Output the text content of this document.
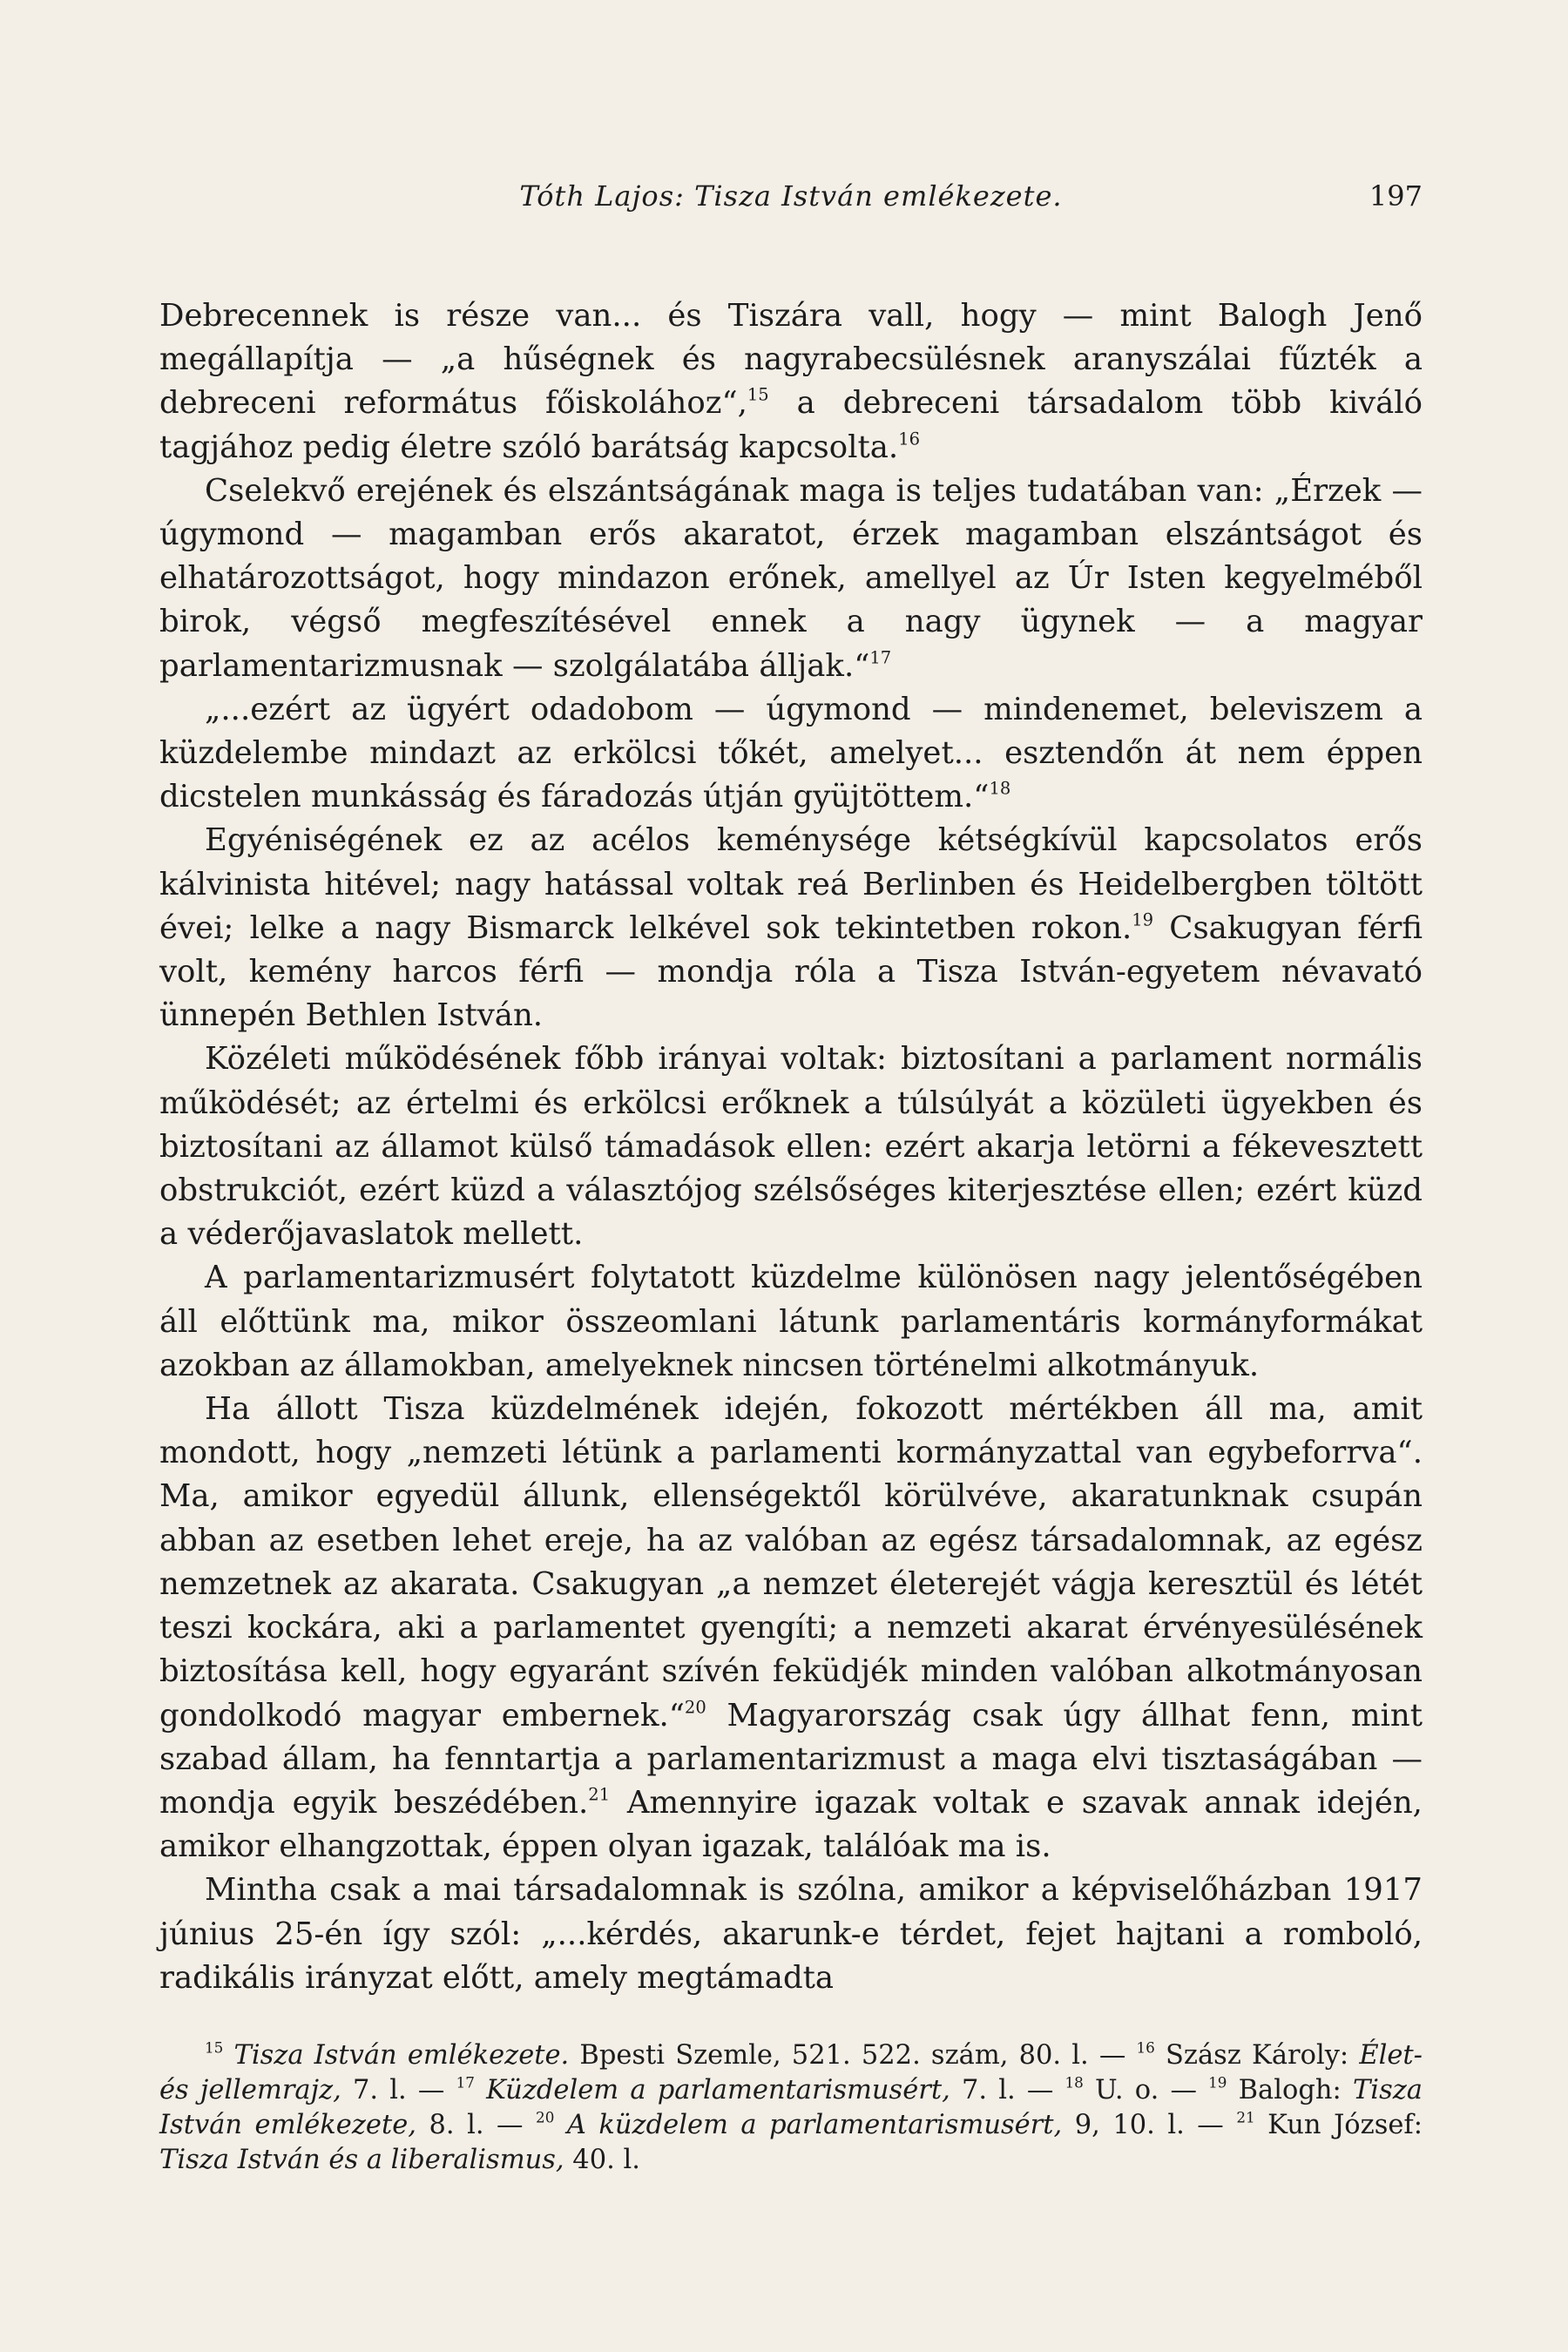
Tóth Lajos: Tisza István emlékezete.	197

Debrecennek is része van... és Tiszára vall, hogy — mint Balogh Jenő megállapítja — „a hűségnek és nagyrabecsülésnek aranyszálai fűzték a debreceni református főiskolához“,$^{15}$ a debreceni társadalom több kiváló tagjához pedig életre szóló barátság kapcsolta.$^{16}$

Cselekvő erejének és elszántságának maga is teljes tudatában van: „Érzek — úgymond — magamban erős akaratot, érzek magamban elszántságot és elhatározottságot, hogy mindazon erőnek, amellyel az Úr Isten kegyelméből birok, végső megfeszítésével ennek a nagy ügynek — a magyar parlamentarizmusnak — szolgálatába álljak.“$^{17}$

„...ezért az ügyért odadobom — úgymond — mindenemet, beleviszem a küzdelembe mindazt az erkölcsi tőkét, amelyet... esztendőn át nem éppen dicstelen munkásság és fáradozás útján gyüjtöttem.“$^{18}$

Egyéniségének ez az acélos keménysége kétségkívül kapcsolatos erős kálvinista hitével; nagy hatással voltak reá Berlinben és Heidelbergben töltött évei; lelke a nagy Bismarck lelkével sok tekintetben rokon.$^{19}$ Csakugyan férfi volt, kemény harcos férfi — mondja róla a Tisza István-egyetem névavató ünnepén Bethlen István.

Közéleti működésének főbb irányai voltak: biztosítani a parlament normális működését; az értelmi és erkölcsi erőknek a túlsúlyát a közületi ügyekben és biztosítani az államot külső támadások ellen: ezért akarja letörni a fékevesztett obstrukciót, ezért küzd a választójog szélsőséges kiterjesztése ellen; ezért küzd a véderőjavaslatok mellett.

A parlamentarizmusért folytatott küzdelme különösen nagy jelentőségében áll előttünk ma, mikor összeomlani látunk parlamentáris kormányformákat azokban az államokban, amelyeknek nincsen történelmi alkotmányuk.

Ha állott Tisza küzdelmének idején, fokozott mértékben áll ma, amit mondott, hogy „nemzeti létünk a parlamenti kormányzattal van egybeforrva“. Ma, amikor egyedül állunk, ellenségektől körülvéve, akaratunknak csupán abban az esetben lehet ereje, ha az valóban az egész társadalomnak, az egész nemzetnek az akarata. Csakugyan „a nemzet életerejét vágja keresztül és létét teszi kockára, aki a parlamentet gyengíti; a nemzeti akarat érvényesülésének biztosítása kell, hogy egyaránt szívén feküdjék minden valóban alkotmányosan gondolkodó magyar embernek.“$^{20}$ Magyarország csak úgy állhat fenn, mint szabad állam, ha fenntartja a parlamentarizmust a maga elvi tisztaságában — mondja egyik beszédében.$^{21}$ Amennyire igazak voltak e szavak annak idején, amikor elhangzottak, éppen olyan igazak, találóak ma is.

Mintha csak a mai társadalomnak is szólna, amikor a képviselőházban 1917 június 25-én így szól: „...kérdés, akarunk-e térdet, fejet hajtani a romboló, radikális irányzat előtt, amely megtámadta

$^{15}$ Tisza István emlékezete. Bpesti Szemle, 521. 522. szám, 80. l. — $^{16}$ Szász Károly: Élet- és jellemrajz, 7. l. — $^{17}$ Küzdelem a parlamentarismusért, 7. l. — $^{18}$ U. o. — $^{19}$ Balogh: Tisza István emlékezete, 8. l. — $^{20}$ A küzdelem a parlamentarismusért, 9, 10. l. — $^{21}$ Kun József: Tisza István és a liberalismus, 40. l.
